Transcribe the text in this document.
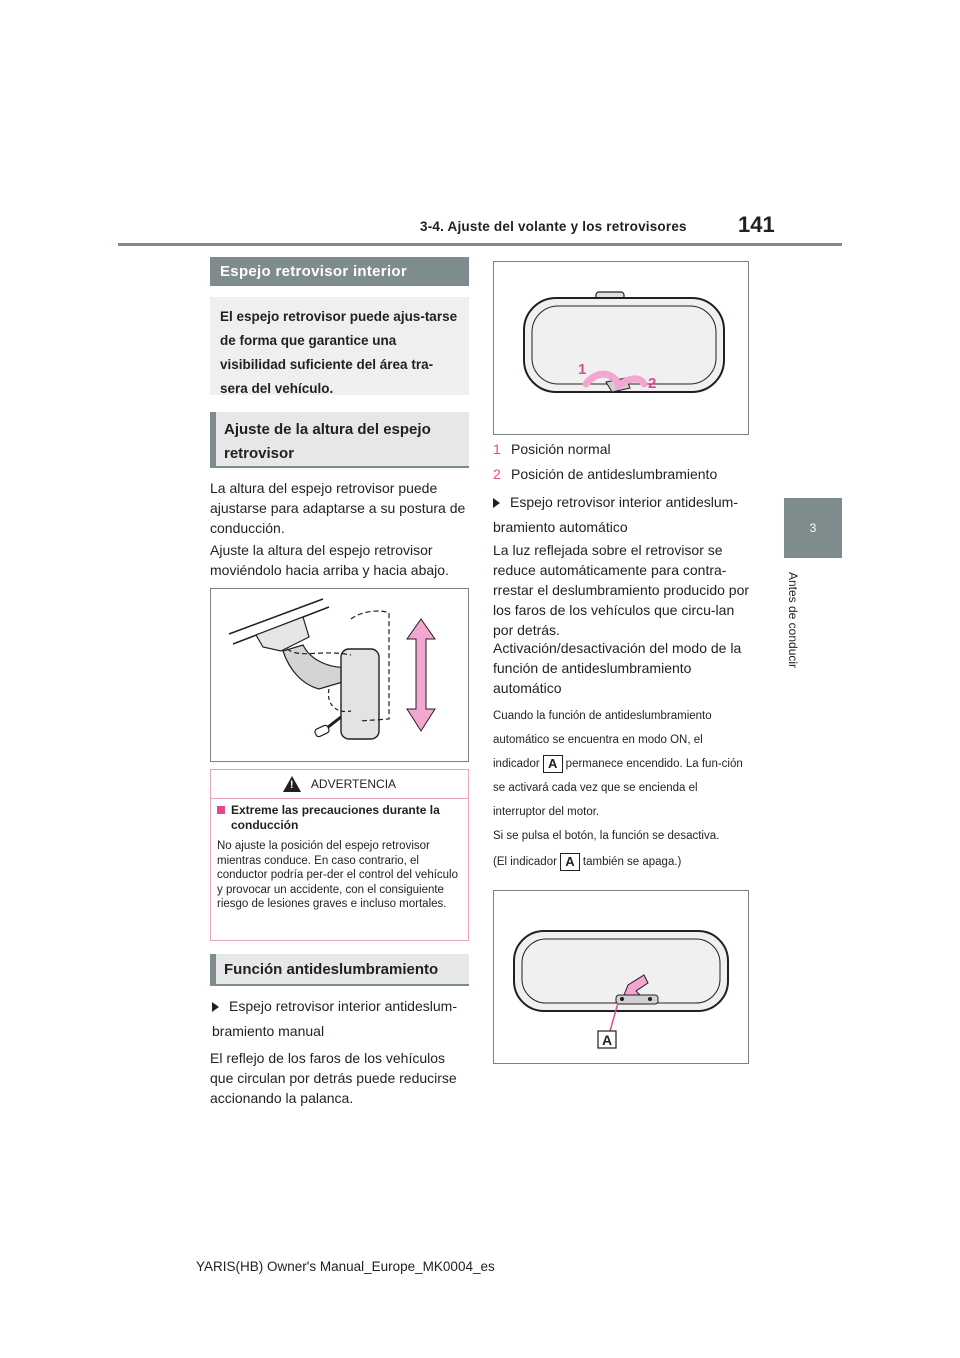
3-4. Ajuste del volante y los retrovisores 141
3
Antes de conducir
Espejo retrovisor interior
El espejo retrovisor puede ajus-tarse de forma que garantice una visibilidad suficiente del área tra-sera del vehículo.
Ajuste de la altura del espejo retrovisor
La altura del espejo retrovisor puede ajustarse para adaptarse a su postura de conducción.
Ajuste la altura del espejo retrovisor moviéndolo hacia arriba y hacia abajo.
! ADVERTENCIA
Extreme las precauciones durante la conducción
No ajuste la posición del espejo retrovisor mientras conduce. En caso contrario, el conductor podría per-der el control del vehículo y provocar un accidente, con el consiguiente riesgo de lesiones graves e incluso mortales.
Función antideslumbramiento
Espejo retrovisor interior antideslum-bramiento manual
El reflejo de los faros de los vehículos que circulan por detrás puede reducirse accionando la palanca.
1
2
1 Posición normal
2 Posición de antideslumbramiento
Espejo retrovisor interior antideslum-bramiento automático
La luz reflejada sobre el retrovisor se reduce automáticamente para contra-rrestar el deslumbramiento producido por los faros de los vehículos que circu-lan por detrás.
Activación/desactivación del modo de la función de antideslumbramiento automático
Cuando la función de antideslumbramiento automático se encuentra en modo ON, el indicador A permanece encendido. La fun-ción se activará cada vez que se encienda el interruptor del motor.
Si se pulsa el botón, la función se desactiva.
(El indicador A también se apaga.)
A
YARIS(HB) Owner's Manual_Europe_MK0004_es
